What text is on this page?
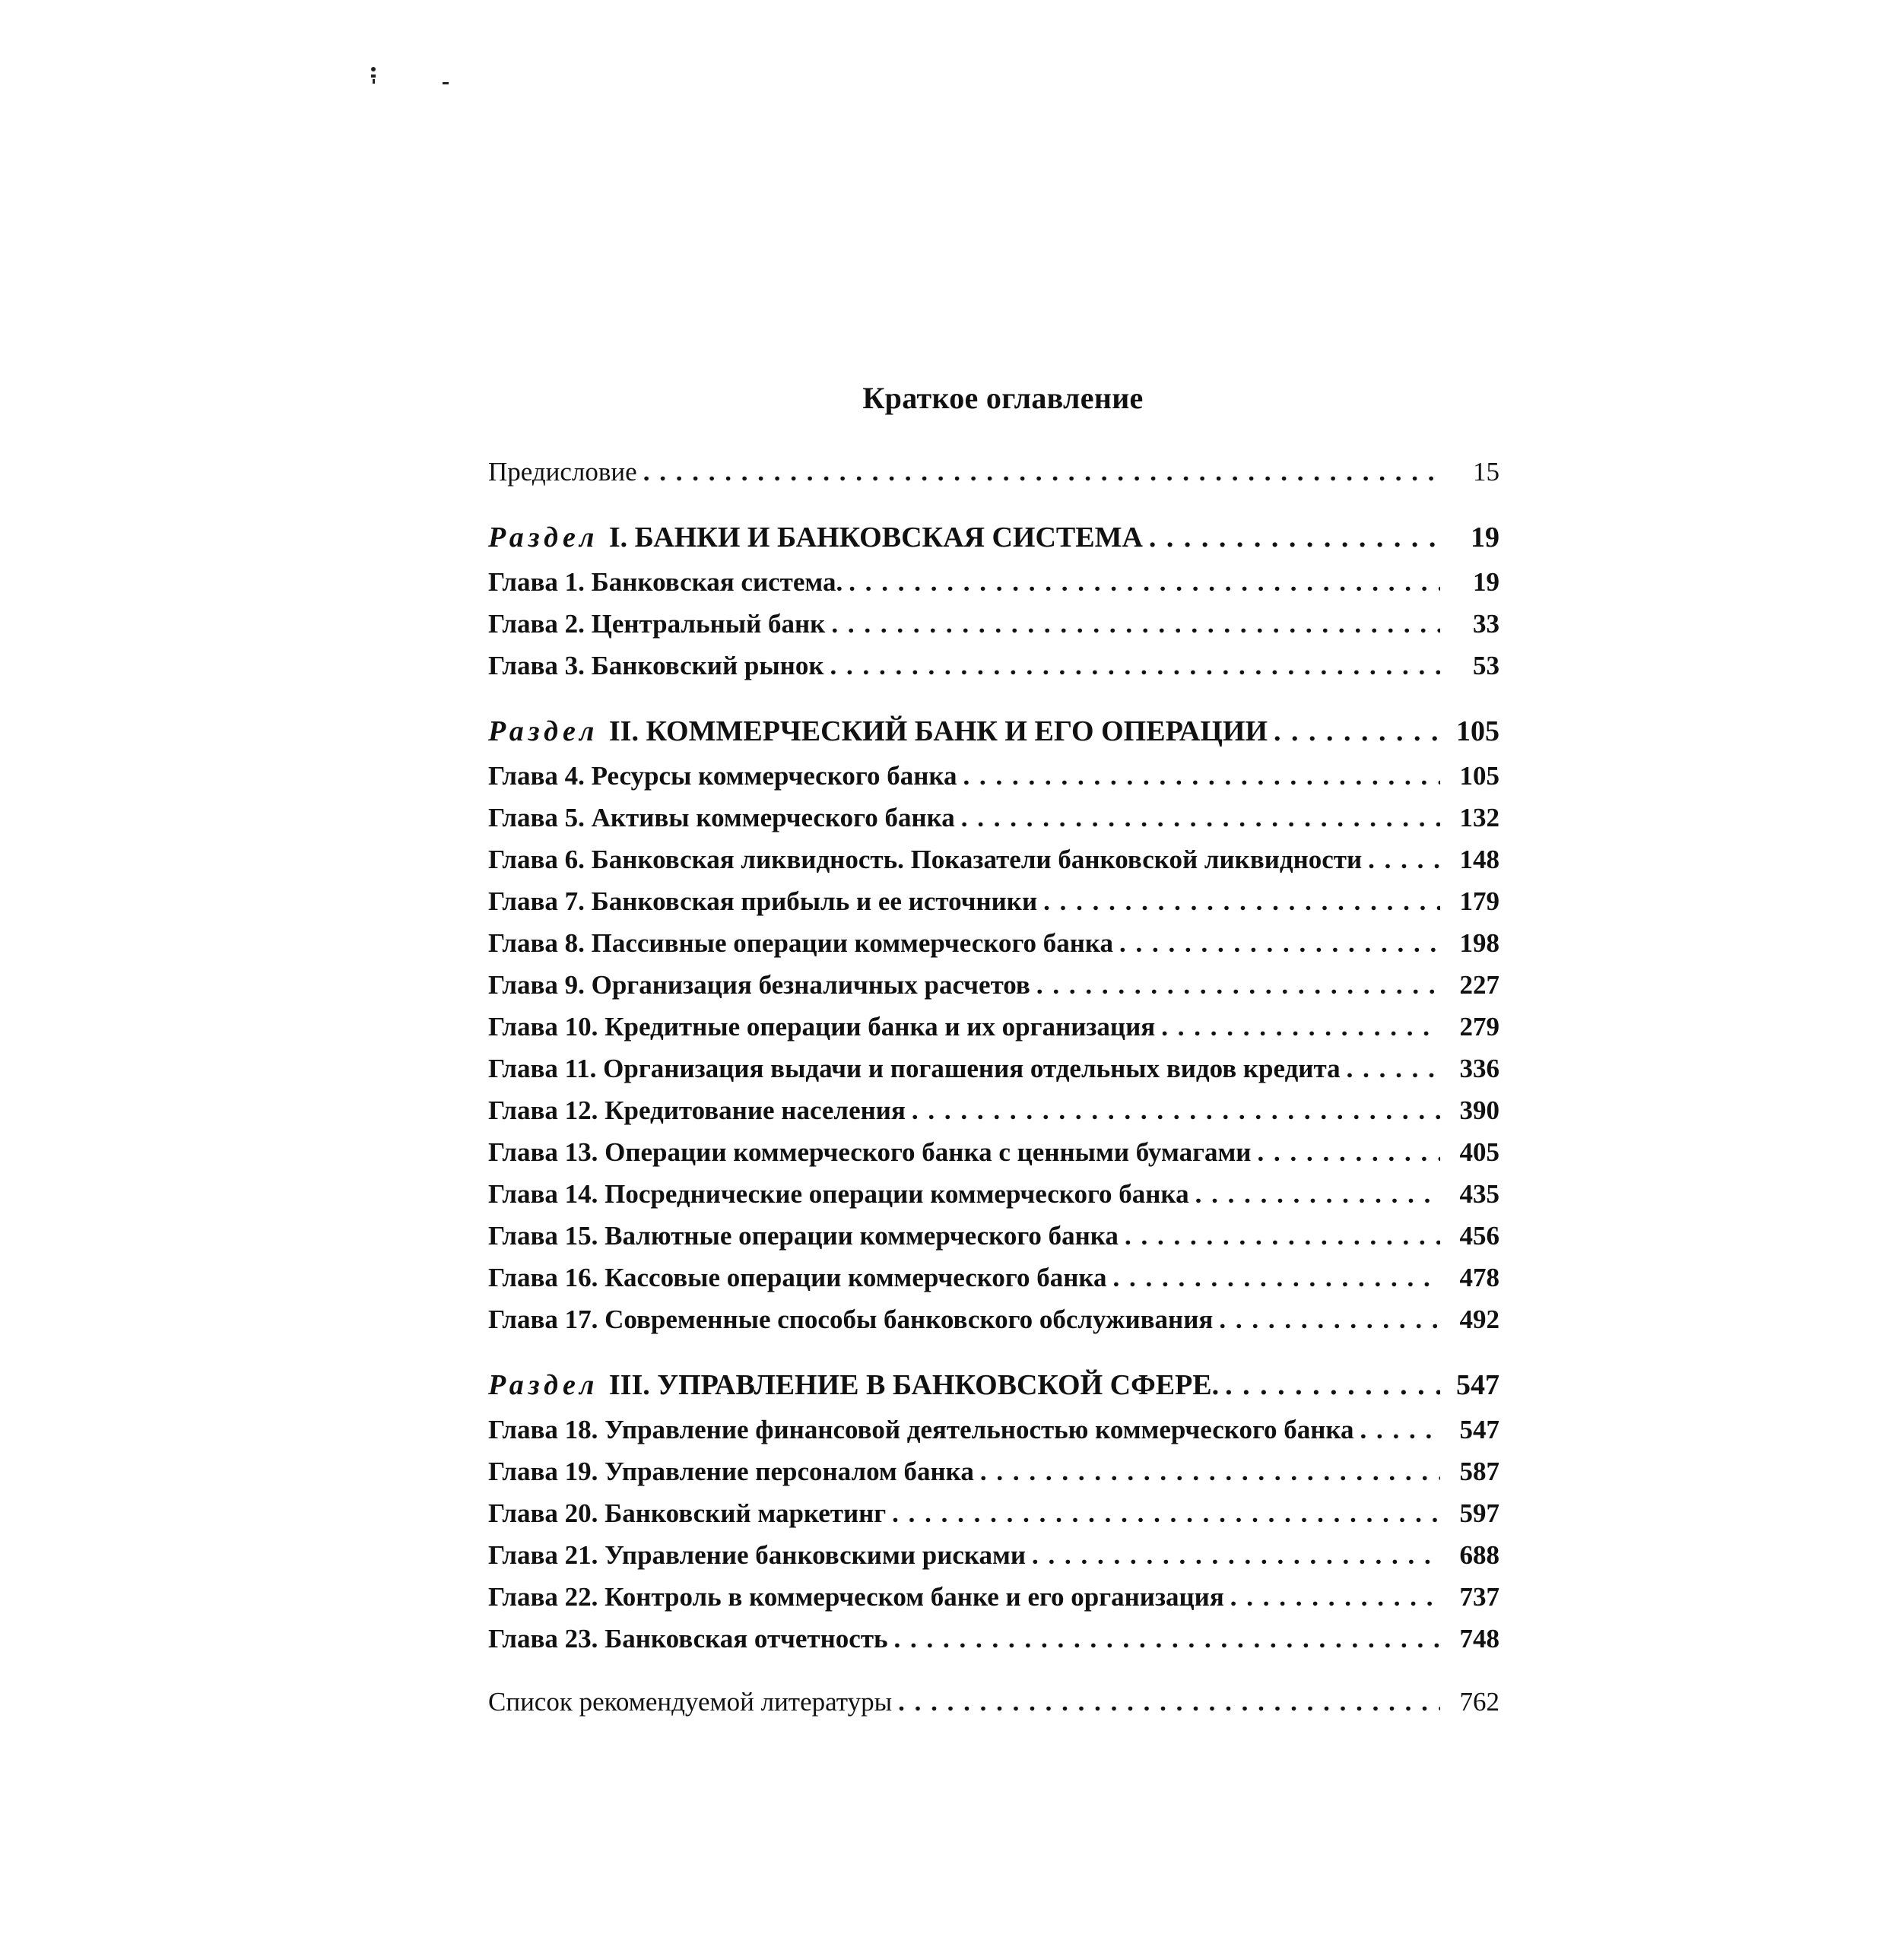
Краткое оглавление
Предисловие . . .	15
Раздел I. БАНКИ И БАНКОВСКАЯ СИСТЕМА . . .	19
Глава 1. Банковская система. . . .	19
Глава 2. Центральный банк . . .	33
Глава 3. Банковский рынок . . .	53
Раздел II. КОММЕРЧЕСКИЙ БАНК И ЕГО ОПЕРАЦИИ . . .	105
Глава 4. Ресурсы коммерческого банка . . .	105
Глава 5. Активы коммерческого банка . . .	132
Глава 6. Банковская ликвидность. Показатели банковской ликвидности . . .	148
Глава 7. Банковская прибыль и ее источники . . .	179
Глава 8. Пассивные операции коммерческого банка . . .	198
Глава 9. Организация безналичных расчетов . . .	227
Глава 10. Кредитные операции банка и их организация . . .	279
Глава 11. Организация выдачи и погашения отдельных видов кредита . . .	336
Глава 12. Кредитование населения . . .	390
Глава 13. Операции коммерческого банка с ценными бумагами . . .	405
Глава 14. Посреднические операции коммерческого банка . . .	435
Глава 15. Валютные операции коммерческого банка . . .	456
Глава 16. Кассовые операции коммерческого банка . . .	478
Глава 17. Современные способы банковского обслуживания . . .	492
Раздел III. УПРАВЛЕНИЕ В БАНКОВСКОЙ СФЕРЕ. . . .	547
Глава 18. Управление финансовой деятельностью коммерческого банка . . .	547
Глава 19. Управление персоналом банка . . .	587
Глава 20. Банковский маркетинг . . .	597
Глава 21. Управление банковскими рисками . . .	688
Глава 22. Контроль в коммерческом банке и его организация . . .	737
Глава 23. Банковская отчетность . . .	748
Список рекомендуемой литературы . . .	762
